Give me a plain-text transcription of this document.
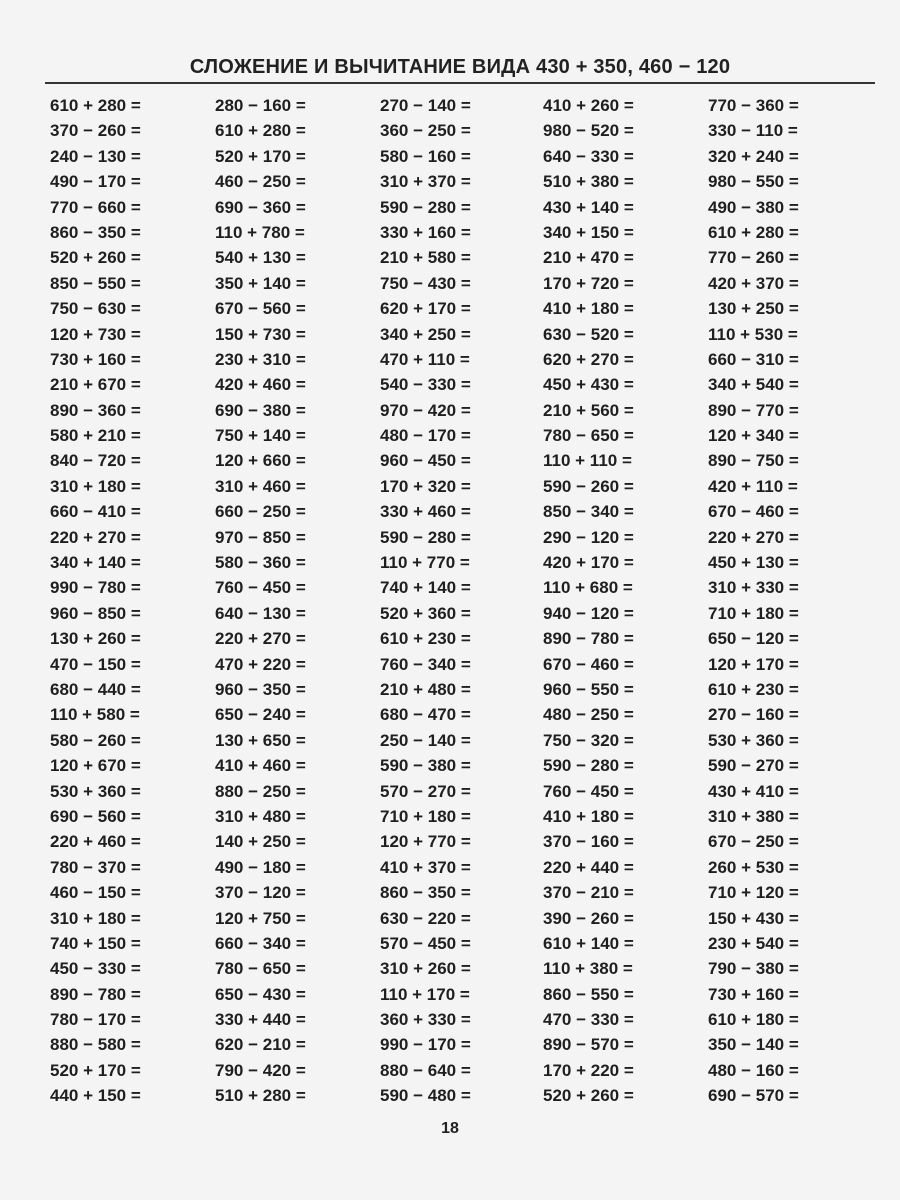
СЛОЖЕНИЕ И ВЫЧИТАНИЕ ВИДА 430 + 350, 460 − 120
610 + 280 =
370 − 260 =
240 − 130 =
490 − 170 =
770 − 660 =
860 − 350 =
520 + 260 =
850 − 550 =
750 − 630 =
120 + 730 =
730 + 160 =
210 + 670 =
890 − 360 =
580 + 210 =
840 − 720 =
310 + 180 =
660 − 410 =
220 + 270 =
340 + 140 =
990 − 780 =
960 − 850 =
130 + 260 =
470 − 150 =
680 − 440 =
110 + 580 =
580 − 260 =
120 + 670 =
530 + 360 =
690 − 560 =
220 + 460 =
780 − 370 =
460 − 150 =
310 + 180 =
740 + 150 =
450 − 330 =
890 − 780 =
780 − 170 =
880 − 580 =
520 + 170 =
440 + 150 =
280 − 160 =
610 + 280 =
520 + 170 =
460 − 250 =
690 − 360 =
110 + 780 =
540 + 130 =
350 + 140 =
670 − 560 =
150 + 730 =
230 + 310 =
420 + 460 =
690 − 380 =
750 + 140 =
120 + 660 =
310 + 460 =
660 − 250 =
970 − 850 =
580 − 360 =
760 − 450 =
640 − 130 =
220 + 270 =
470 + 220 =
960 − 350 =
650 − 240 =
130 + 650 =
410 + 460 =
880 − 250 =
310 + 480 =
140 + 250 =
490 − 180 =
370 − 120 =
120 + 750 =
660 − 340 =
780 − 650 =
650 − 430 =
330 + 440 =
620 − 210 =
790 − 420 =
510 + 280 =
270 − 140 =
360 − 250 =
580 − 160 =
310 + 370 =
590 − 280 =
330 + 160 =
210 + 580 =
750 − 430 =
620 + 170 =
340 + 250 =
470 + 110 =
540 − 330 =
970 − 420 =
480 − 170 =
960 − 450 =
170 + 320 =
330 + 460 =
590 − 280 =
110 + 770 =
740 + 140 =
520 + 360 =
610 + 230 =
760 − 340 =
210 + 480 =
680 − 470 =
250 − 140 =
590 − 380 =
570 − 270 =
710 + 180 =
120 + 770 =
410 + 370 =
860 − 350 =
630 − 220 =
570 − 450 =
310 + 260 =
110 + 170 =
360 + 330 =
990 − 170 =
880 − 640 =
590 − 480 =
410 + 260 =
980 − 520 =
640 − 330 =
510 + 380 =
430 + 140 =
340 + 150 =
210 + 470 =
170 + 720 =
410 + 180 =
630 − 520 =
620 + 270 =
450 + 430 =
210 + 560 =
780 − 650 =
110 + 110 =
590 − 260 =
850 − 340 =
290 − 120 =
420 + 170 =
110 + 680 =
940 − 120 =
890 − 780 =
670 − 460 =
960 − 550 =
480 − 250 =
750 − 320 =
590 − 280 =
760 − 450 =
410 + 180 =
370 − 160 =
220 + 440 =
370 − 210 =
390 − 260 =
610 + 140 =
110 + 380 =
860 − 550 =
470 − 330 =
890 − 570 =
170 + 220 =
520 + 260 =
770 − 360 =
330 − 110 =
320 + 240 =
980 − 550 =
490 − 380 =
610 + 280 =
770 − 260 =
420 + 370 =
130 + 250 =
110 + 530 =
660 − 310 =
340 + 540 =
890 − 770 =
120 + 340 =
890 − 750 =
420 + 110 =
670 − 460 =
220 + 270 =
450 + 130 =
310 + 330 =
710 + 180 =
650 − 120 =
120 + 170 =
610 + 230 =
270 − 160 =
530 + 360 =
590 − 270 =
430 + 410 =
310 + 380 =
670 − 250 =
260 + 530 =
710 + 120 =
150 + 430 =
230 + 540 =
790 − 380 =
730 + 160 =
610 + 180 =
350 − 140 =
480 − 160 =
690 − 570 =
18
